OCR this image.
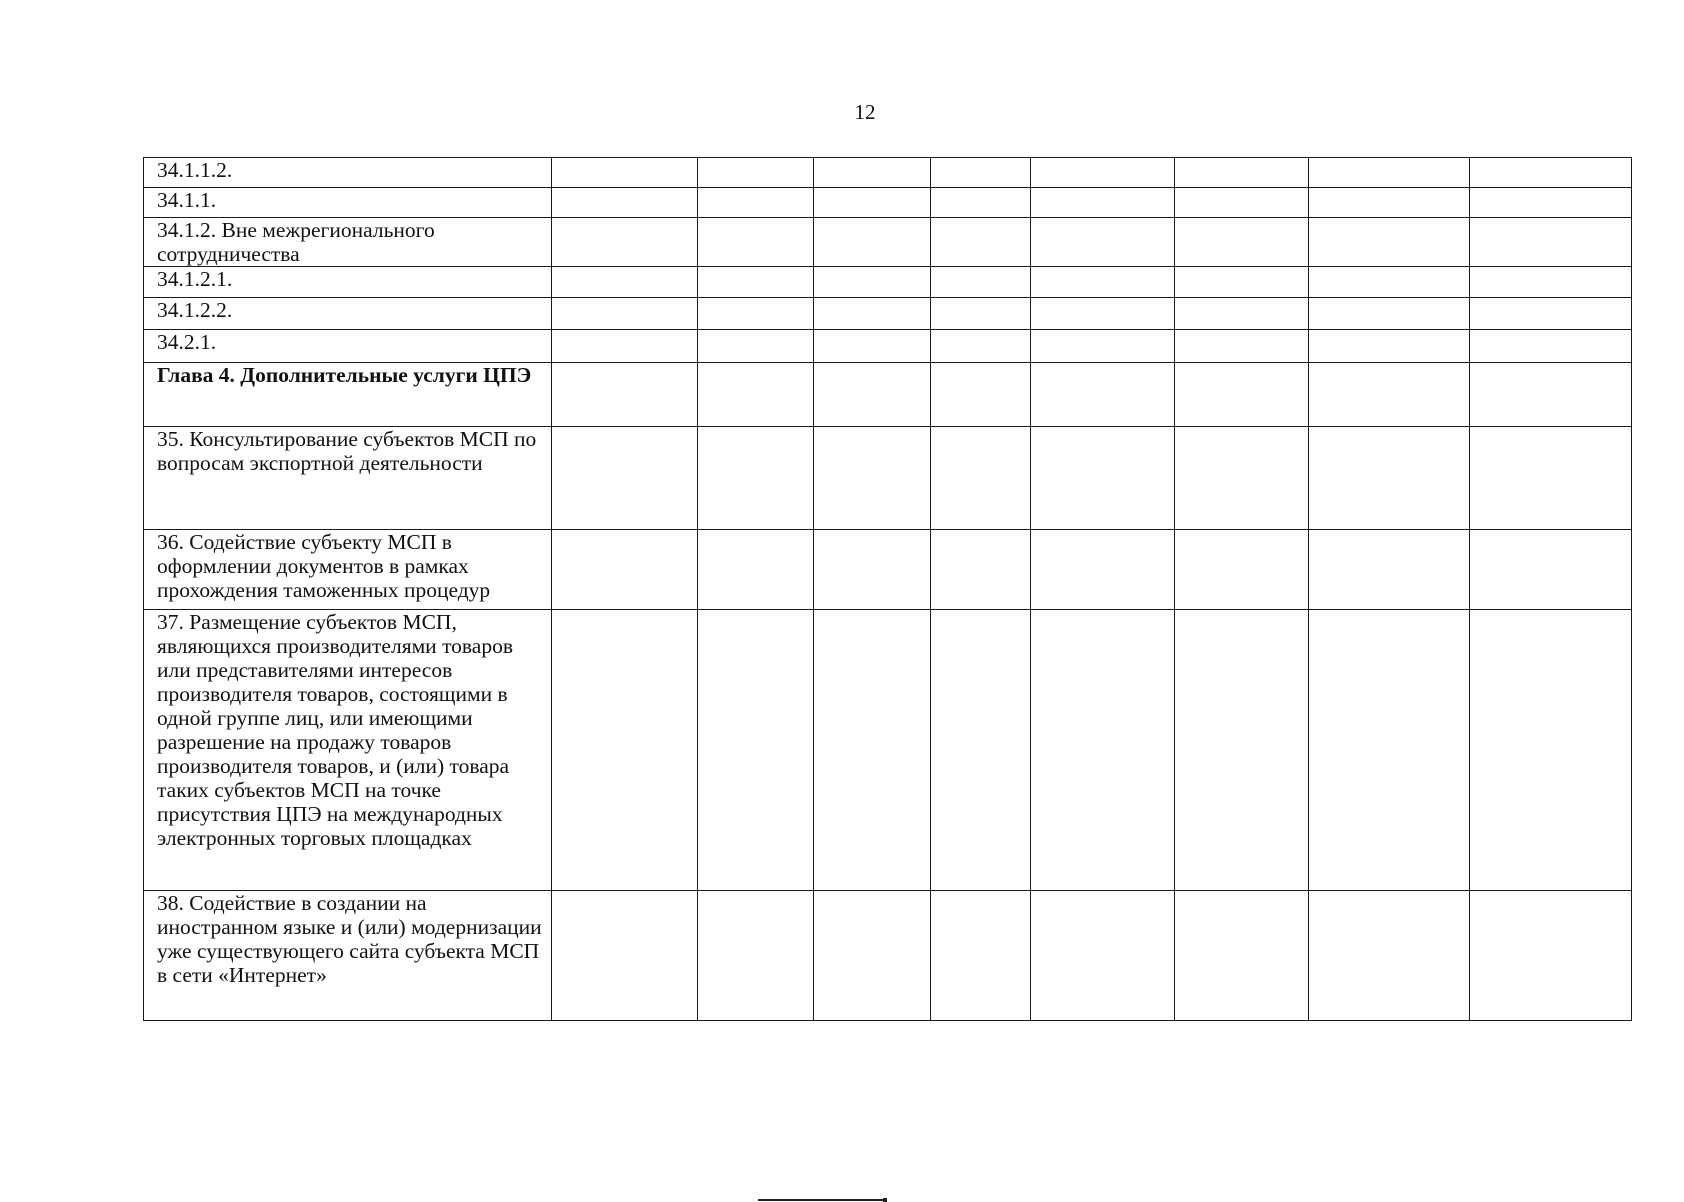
12
34.1.1.2.								
34.1.1.								
34.1.2. Вне межрегионального сотрудничества								
34.1.2.1.								
34.1.2.2.								
34.2.1.								
Глава 4. Дополнительные услуги ЦПЭ								
35. Консультирование субъектов МСП по вопросам экспортной деятельности								
36. Содействие субъекту МСП в оформлении документов в рамках прохождения таможенных процедур								
37. Размещение субъектов МСП, являющихся производителями товаров или представителями интересов производителя товаров, состоящими в одной группе лиц, или имеющими разрешение на продажу товаров производителя товаров, и (или) товара таких субъектов МСП на точке присутствия ЦПЭ на международных электронных торговых площадках								
38. Содействие в создании на иностранном языке и (или) модернизации уже существующего сайта субъекта МСП в сети «Интернет»								
